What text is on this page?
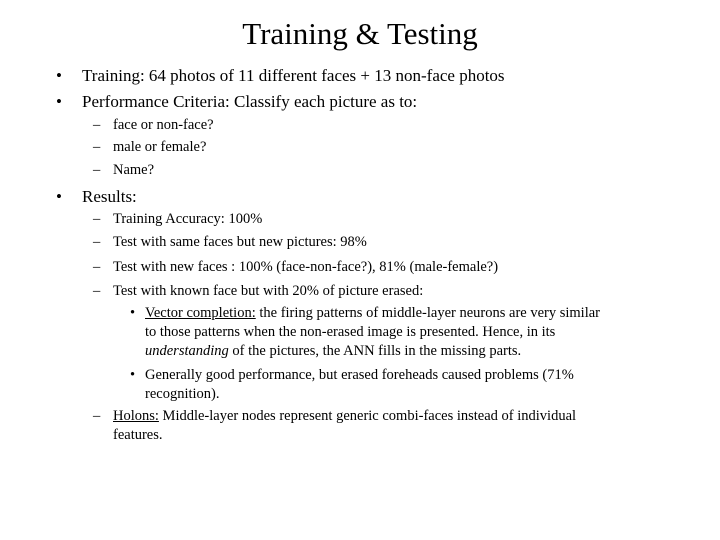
Training & Testing
• Training: 64 photos of 11 different faces + 13 non-face photos
• Performance Criteria: Classify each picture as to:
– face or non-face?
– male or female?
– Name?
• Results:
– Training Accuracy: 100%
– Test with same faces but new pictures: 98%
– Test with new faces : 100% (face-non-face?), 81% (male-female?)
– Test with known face but with 20% of picture erased:
• Vector completion: the firing patterns of middle-layer neurons are very similar
to those patterns when the non-erased image is presented. Hence, in its
understanding of the pictures, the ANN fills in the missing parts.
• Generally good performance, but erased foreheads caused problems (71%
recognition).
– Holons: Middle-layer nodes represent generic combi-faces instead of individual
features.
